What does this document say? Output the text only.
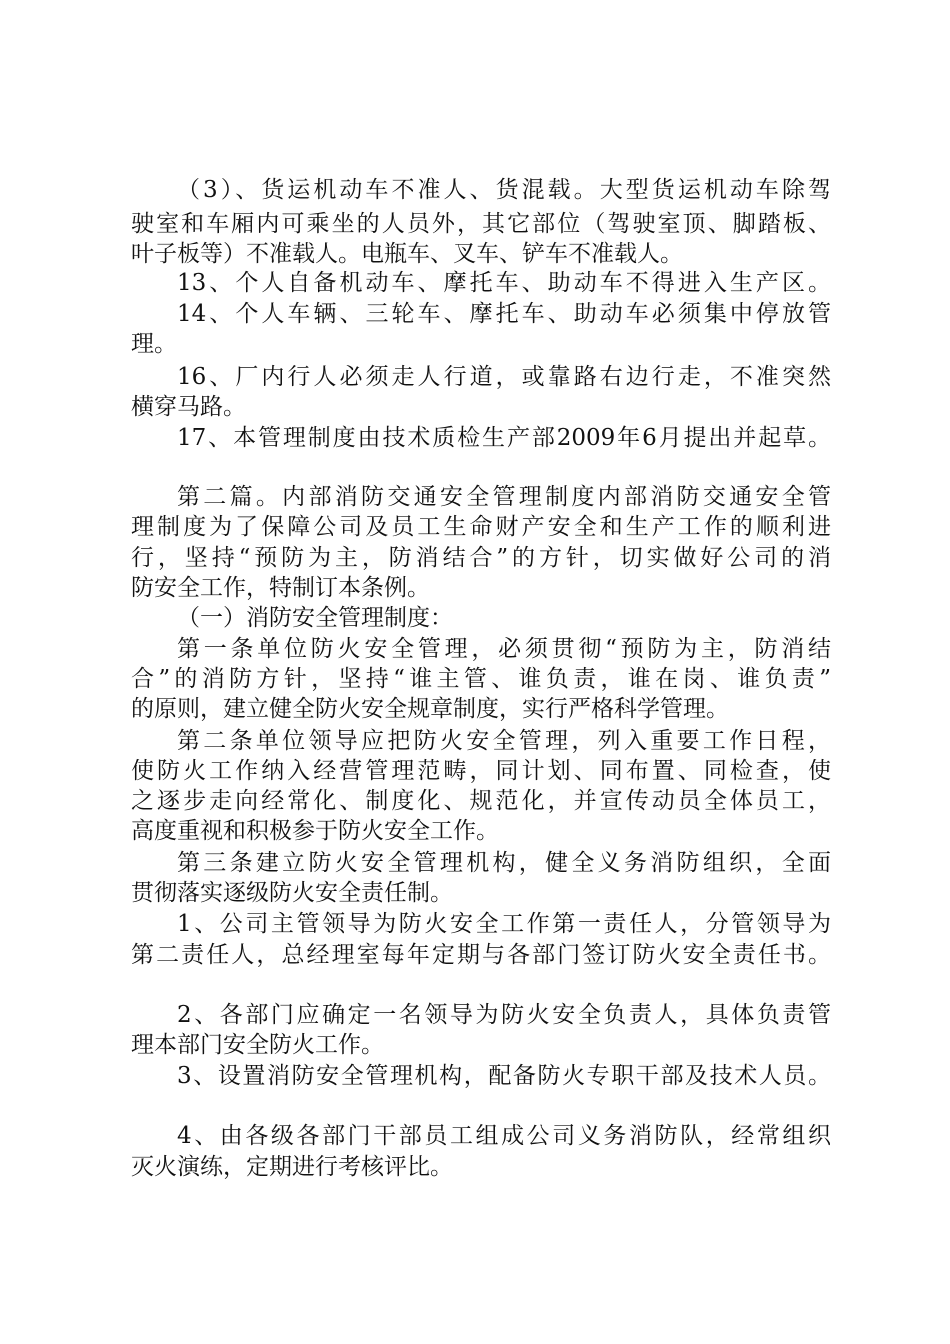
（3）、货运机动车不准人、货混载。大型货运机动车除驾

驶室和车厢内可乘坐的人员外，其它部位（驾驶室顶、脚踏板、

叶子板等）不准载人。电瓶车、叉车、铲车不准载人。

13、个人自备机动车、摩托车、助动车不得进入生产区。

14、个人车辆、三轮车、摩托车、助动车必须集中停放管

理。

16、厂内行人必须走人行道，或靠路右边行走，不准突然

横穿马路。

17、本管理制度由技术质检生产部2009年6月提出并起草。

第二篇。内部消防交通安全管理制度内部消防交通安全管

理制度为了保障公司及员工生命财产安全和生产工作的顺利进

行，坚持“预防为主，防消结合”的方针，切实做好公司的消

防安全工作，特制订本条例。

（一）消防安全管理制度：

第一条单位防火安全管理，必须贯彻“预防为主，防消结

合”的消防方针，坚持“谁主管、谁负责，谁在岗、谁负责”

的原则，建立健全防火安全规章制度，实行严格科学管理。

第二条单位领导应把防火安全管理，列入重要工作日程，

使防火工作纳入经营管理范畴，同计划、同布置、同检查，使

之逐步走向经常化、制度化、规范化，并宣传动员全体员工，

高度重视和积极参于防火安全工作。

第三条建立防火安全管理机构，健全义务消防组织，全面

贯彻落实逐级防火安全责任制。

1、公司主管领导为防火安全工作第一责任人，分管领导为

第二责任人，总经理室每年定期与各部门签订防火安全责任书。

2、各部门应确定一名领导为防火安全负责人，具体负责管

理本部门安全防火工作。

3、设置消防安全管理机构，配备防火专职干部及技术人员。

4、由各级各部门干部员工组成公司义务消防队，经常组织

灭火演练，定期进行考核评比。
